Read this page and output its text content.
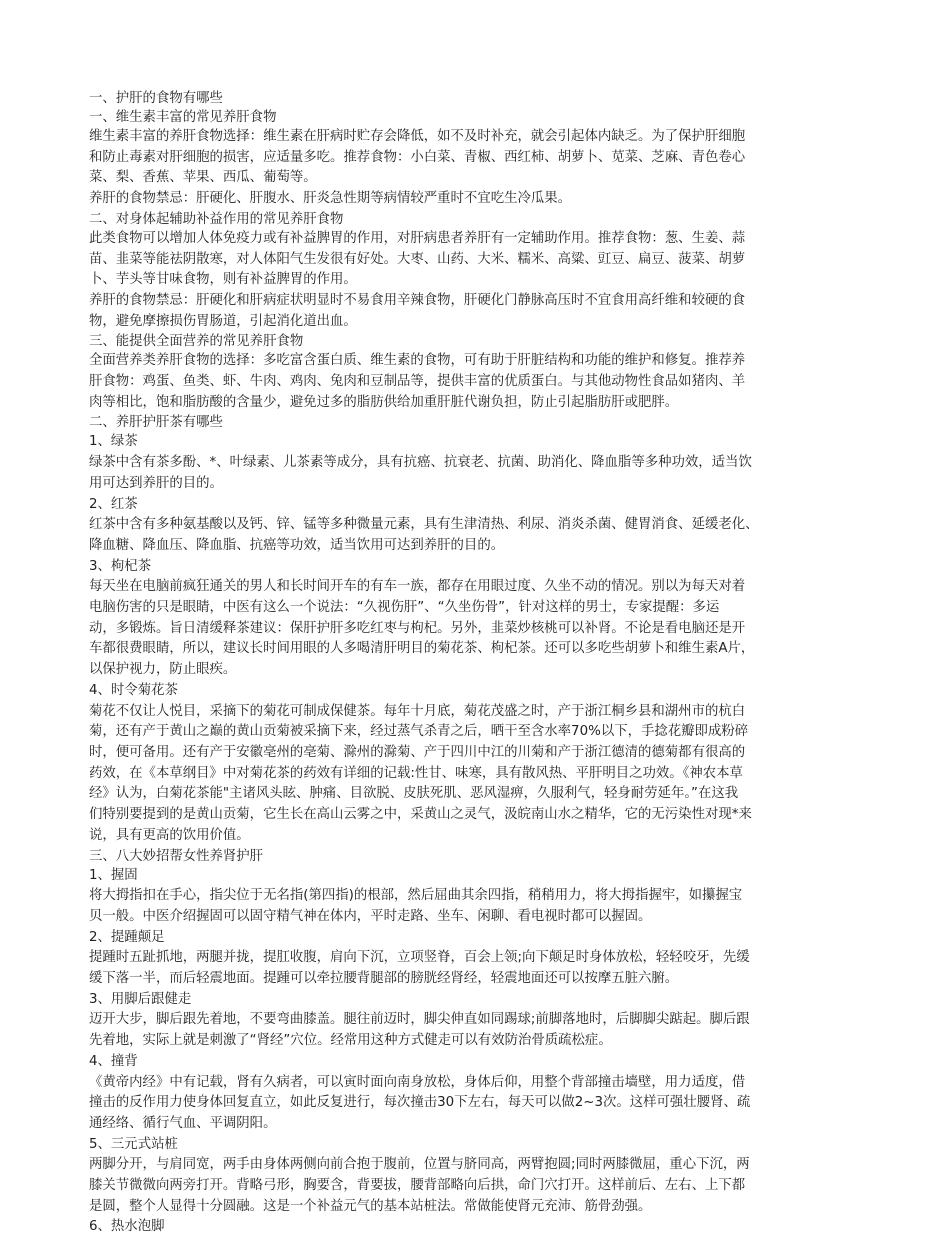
一、护肝的食物有哪些
一、维生素丰富的常见养肝食物
维生素丰富的养肝食物选择：维生素在肝病时贮存会降低，如不及时补充，就会引起体内缺乏。为了保护肝细胞
和防止毒素对肝细胞的损害，应适量多吃。推荐食物：小白菜、青椒、西红柿、胡萝卜、苋菜、芝麻、青色卷心
菜、梨、香蕉、苹果、西瓜、葡萄等。
养肝的食物禁忌：肝硬化、肝腹水、肝炎急性期等病情较严重时不宜吃生冷瓜果。
二、对身体起辅助补益作用的常见养肝食物
此类食物可以增加人体免疫力或有补益脾胃的作用，对肝病患者养肝有一定辅助作用。推荐食物：葱、生姜、蒜
苗、韭菜等能祛阴散寒，对人体阳气生发很有好处。大枣、山药、大米、糯米、高粱、豇豆、扁豆、菠菜、胡萝
卜、芋头等甘味食物，则有补益脾胃的作用。
养肝的食物禁忌：肝硬化和肝病症状明显时不易食用辛辣食物，肝硬化门静脉高压时不宜食用高纤维和较硬的食
物，避免摩擦损伤胃肠道，引起消化道出血。
三、能提供全面营养的常见养肝食物
全面营养类养肝食物的选择：多吃富含蛋白质、维生素的食物，可有助于肝脏结构和功能的维护和修复。推荐养
肝食物：鸡蛋、鱼类、虾、牛肉、鸡肉、兔肉和豆制品等，提供丰富的优质蛋白。与其他动物性食品如猪肉、羊
肉等相比，饱和脂肪酸的含量少，避免过多的脂肪供给加重肝脏代谢负担，防止引起脂肪肝或肥胖。
二、养肝护肝茶有哪些
1、绿茶
绿茶中含有茶多酚、*、叶绿素、儿茶素等成分，具有抗癌、抗衰老、抗菌、助消化、降血脂等多种功效，适当饮
用可达到养肝的目的。
2、红茶
红茶中含有多种氨基酸以及钙、锌、锰等多种微量元素，具有生津清热、利尿、消炎杀菌、健胃消食、延缓老化、
降血糖、降血压、降血脂、抗癌等功效，适当饮用可达到养肝的目的。
3、枸杞茶
每天坐在电脑前疯狂通关的男人和长时间开车的有车一族，都存在用眼过度、久坐不动的情况。别以为每天对着
电脑伤害的只是眼睛，中医有这么一个说法：“久视伤肝”、“久坐伤骨”，针对这样的男士，专家提醒：多运
动，多锻炼。旨日清缓释茶建议：保肝护肝多吃红枣与枸杞。另外，韭菜炒核桃可以补肾。不论是看电脑还是开
车都很费眼睛，所以，建议长时间用眼的人多喝清肝明目的菊花茶、枸杞茶。还可以多吃些胡萝卜和维生素A片，
以保护视力，防止眼疾。
4、时令菊花茶
菊花不仅让人悦目，采摘下的菊花可制成保健茶。每年十月底，菊花茂盛之时，产于浙江桐乡县和湖州市的杭白
菊，还有产于黄山之巅的黄山贡菊被采摘下来，经过蒸气杀青之后，晒干至含水率70%以下，手捻花瓣即成粉碎
时，便可备用。还有产于安徽亳州的亳菊、滁州的滁菊、产于四川中江的川菊和产于浙江德清的德菊都有很高的
药效，在《本草纲目》中对菊花茶的药效有详细的记载:性甘、味寒，具有散风热、平肝明目之功效。《神农本草
经》认为，白菊花茶能"主诸风头眩、肿痛、目欲脱、皮肤死肌、恶风湿痹，久服利气，轻身耐劳延年。”在这我
们特别要提到的是黄山贡菊，它生长在高山云雾之中，采黄山之灵气，汲皖南山水之精华，它的无污染性对现*来
说，具有更高的饮用价值。
三、八大妙招帮女性养肾护肝
1、握固
将大拇指扣在手心，指尖位于无名指(第四指)的根部，然后屈曲其余四指，稍稍用力，将大拇指握牢，如攥握宝
贝一般。中医介绍握固可以固守精气神在体内，平时走路、坐车、闲聊、看电视时都可以握固。
2、提踵颠足
提踵时五趾抓地，两腿并拢，提肛收腹，肩向下沉，立项竖脊，百会上领;向下颠足时身体放松，轻轻咬牙，先缓
缓下落一半，而后轻震地面。提踵可以牵拉腰背腿部的膀胱经肾经，轻震地面还可以按摩五脏六腑。
3、用脚后跟健走
迈开大步，脚后跟先着地，不要弯曲膝盖。腿往前迈时，脚尖伸直如同踢球;前脚落地时，后脚脚尖踮起。脚后跟
先着地，实际上就是刺激了“肾经”穴位。经常用这种方式健走可以有效防治骨质疏松症。
4、撞背
《黄帝内经》中有记载，肾有久病者，可以寅时面向南身放松，身体后仰，用整个背部撞击墙壁，用力适度，借
撞击的反作用力使身体回复直立，如此反复进行，每次撞击30下左右，每天可以做2~3次。这样可强壮腰肾、疏
通经络、循行气血、平调阴阳。
5、三元式站桩
两脚分开，与肩同宽，两手由身体两侧向前合抱于腹前，位置与脐同高，两臂抱圆;同时两膝微屈，重心下沉，两
膝关节微微向两旁打开。背略弓形，胸要含，背要拔，腰背部略向后拱，命门穴打开。这样前后、左右、上下都
是圆，整个人显得十分圆融。这是一个补益元气的基本站桩法。常做能使肾元充沛、筋骨劲强。
6、热水泡脚
